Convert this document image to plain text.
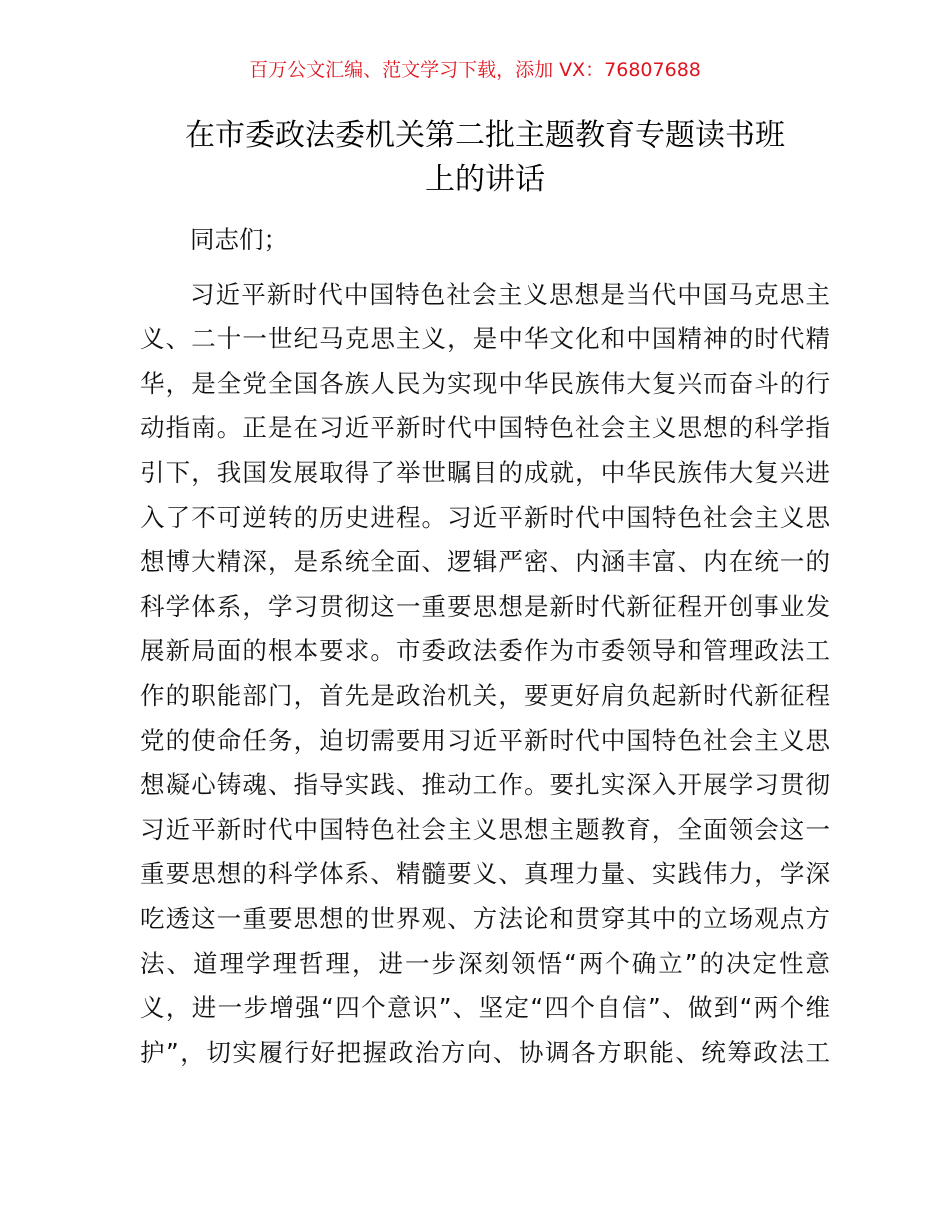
百万公文汇编、范文学习下载，添加 VX：76807688
在市委政法委机关第二批主题教育专题读书班
上的讲话
同志们；
习近平新时代中国特色社会主义思想是当代中国马克思主
义、二十一世纪马克思主义，是中华文化和中国精神的时代精
华，是全党全国各族人民为实现中华民族伟大复兴而奋斗的行
动指南。正是在习近平新时代中国特色社会主义思想的科学指
引下，我国发展取得了举世瞩目的成就，中华民族伟大复兴进
入了不可逆转的历史进程。习近平新时代中国特色社会主义思
想博大精深，是系统全面、逻辑严密、内涵丰富、内在统一的
科学体系，学习贯彻这一重要思想是新时代新征程开创事业发
展新局面的根本要求。市委政法委作为市委领导和管理政法工
作的职能部门，首先是政治机关，要更好肩负起新时代新征程
党的使命任务，迫切需要用习近平新时代中国特色社会主义思
想凝心铸魂、指导实践、推动工作。要扎实深入开展学习贯彻
习近平新时代中国特色社会主义思想主题教育，全面领会这一
重要思想的科学体系、精髓要义、真理力量、实践伟力，学深
吃透这一重要思想的世界观、方法论和贯穿其中的立场观点方
法、道理学理哲理，进一步深刻领悟“两个确立”的决定性意
义，进一步增强“四个意识”、坚定“四个自信”、做到“两个维
护”，切实履行好把握政治方向、协调各方职能、统筹政法工
